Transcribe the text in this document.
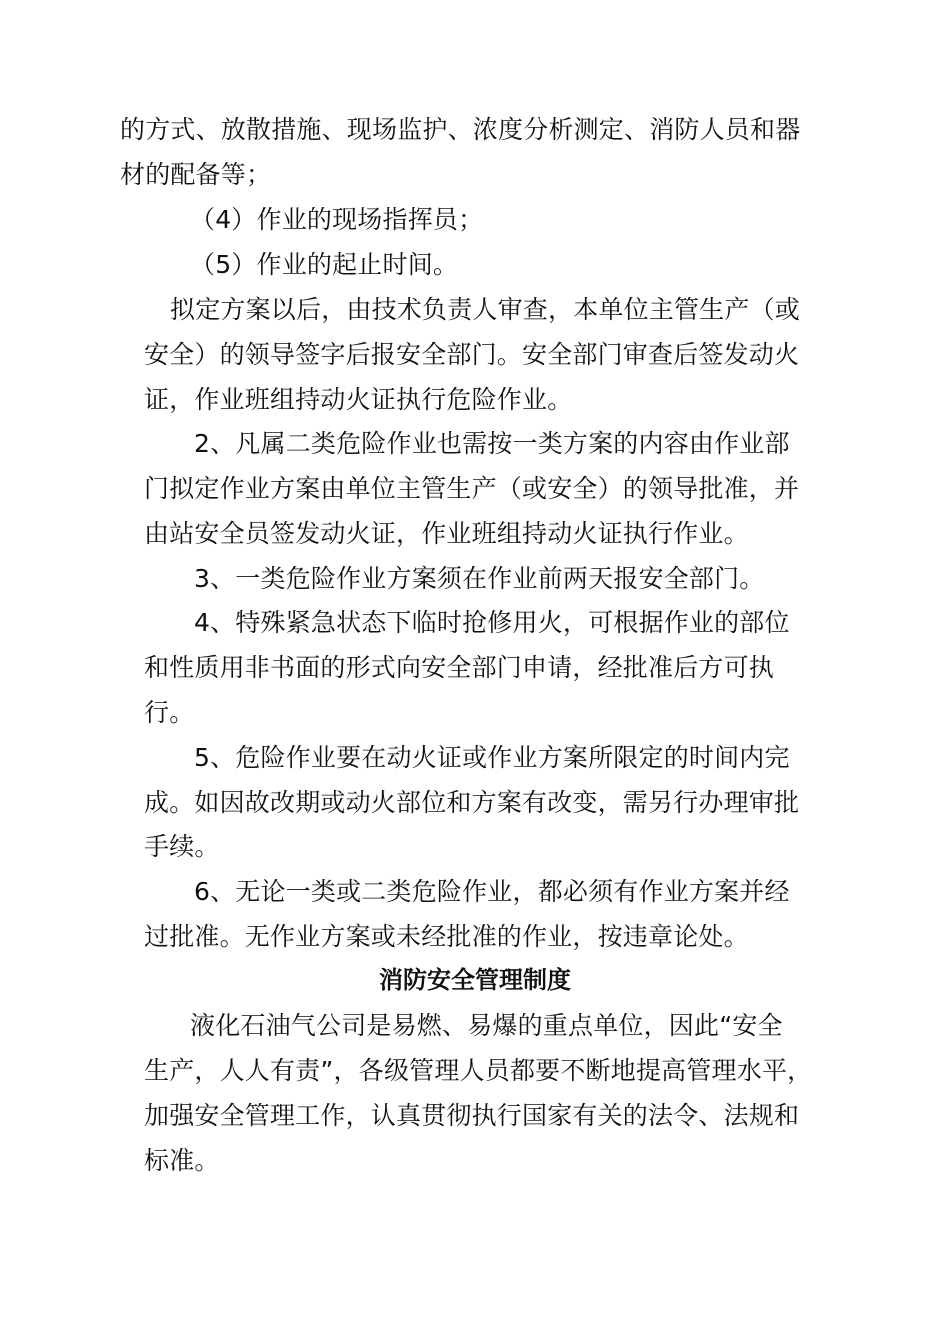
的方式、放散措施、现场监护、浓度分析测定、消防人员和器
材的配备等；
（4）作业的现场指挥员；
（5）作业的起止时间。
拟定方案以后，由技术负责人审查，本单位主管生产（或
安全）的领导签字后报安全部门。安全部门审查后签发动火
证，作业班组持动火证执行危险作业。
2、凡属二类危险作业也需按一类方案的内容由作业部
门拟定作业方案由单位主管生产（或安全）的领导批准，并
由站安全员签发动火证，作业班组持动火证执行作业。
3、一类危险作业方案须在作业前两天报安全部门。
4、特殊紧急状态下临时抢修用火，可根据作业的部位
和性质用非书面的形式向安全部门申请，经批准后方可执
行。
5、危险作业要在动火证或作业方案所限定的时间内完
成。如因故改期或动火部位和方案有改变，需另行办理审批
手续。
6、无论一类或二类危险作业，都必须有作业方案并经
过批准。无作业方案或未经批准的作业，按违章论处。
消防安全管理制度
液化石油气公司是易燃、易爆的重点单位，因此“安全
生产，人人有责”，各级管理人员都要不断地提高管理水平，
加强安全管理工作，认真贯彻执行国家有关的法令、法规和
标准。
